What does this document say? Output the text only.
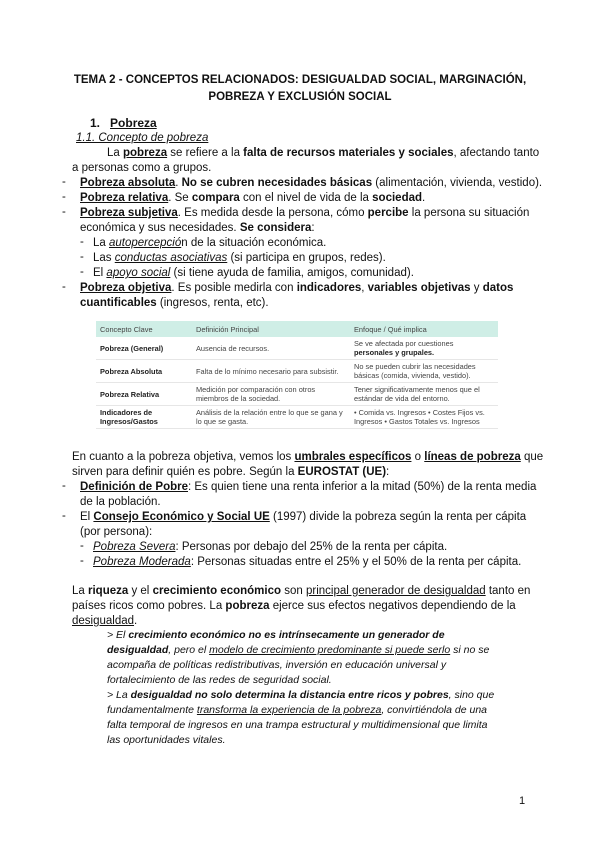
TEMA 2 - CONCEPTOS RELACIONADOS: DESIGUALDAD SOCIAL, MARGINACIÓN,
POBREZA Y EXCLUSIÓN SOCIAL
1. Pobreza
1.1. Concepto de pobreza
La pobreza se refiere a la falta de recursos materiales y sociales, afectando tanto
a personas como a grupos.
- Pobreza absoluta. No se cubren necesidades básicas (alimentación, vivienda, vestido).
- Pobreza relativa. Se compara con el nivel de vida de la sociedad.
- Pobreza subjetiva. Es medida desde la persona, cómo percibe la persona su situación
económica y sus necesidades. Se considera:
- La autopercepción de la situación económica.
- Las conductas asociativas (si participa en grupos, redes).
- El apoyo social (si tiene ayuda de familia, amigos, comunidad).
- Pobreza objetiva. Es posible medirla con indicadores, variables objetivas y datos
cuantificables (ingresos, renta, etc).
Concepto Clave	Definición Principal	Enfoque / Qué implica
Pobreza (General)	Ausencia de recursos.	Se ve afectada por cuestiones
personales y grupales.
Pobreza Absoluta	Falta de lo mínimo necesario para subsistir.	No se pueden cubrir las necesidades
básicas (comida, vivienda, vestido).
Pobreza Relativa	Medición por comparación con otros miembros de la sociedad.	Tener significativamente menos que el
estándar de vida del entorno.
Indicadores de Ingresos/Gastos	Análisis de la relación entre lo que se gana y lo que se gasta.	• Comida vs. Ingresos • Costes Fijos vs.
Ingresos • Gastos Totales vs. Ingresos
En cuanto a la pobreza objetiva, vemos los umbrales específicos o líneas de pobreza que
sirven para definir quién es pobre. Según la EUROSTAT (UE):
- Definición de Pobre: Es quien tiene una renta inferior a la mitad (50%) de la renta media
de la población.
- El Consejo Económico y Social UE (1997) divide la pobreza según la renta per cápita
(por persona):
- Pobreza Severa: Personas por debajo del 25% de la renta per cápita.
- Pobreza Moderada: Personas situadas entre el 25% y el 50% de la renta per cápita.
La riqueza y el crecimiento económico son principal generador de desigualdad tanto en
países ricos como pobres. La pobreza ejerce sus efectos negativos dependiendo de la
desigualdad.
> El crecimiento económico no es intrínsecamente un generador de
desigualdad, pero el modelo de crecimiento predominante si puede serlo si no se
acompaña de políticas redistributivas, inversión en educación universal y
fortalecimiento de las redes de seguridad social.
> La desigualdad no solo determina la distancia entre ricos y pobres, sino que
fundamentalmente transforma la experiencia de la pobreza, convirtiéndola de una
falta temporal de ingresos en una trampa estructural y multidimensional que limita
las oportunidades vitales.
1
